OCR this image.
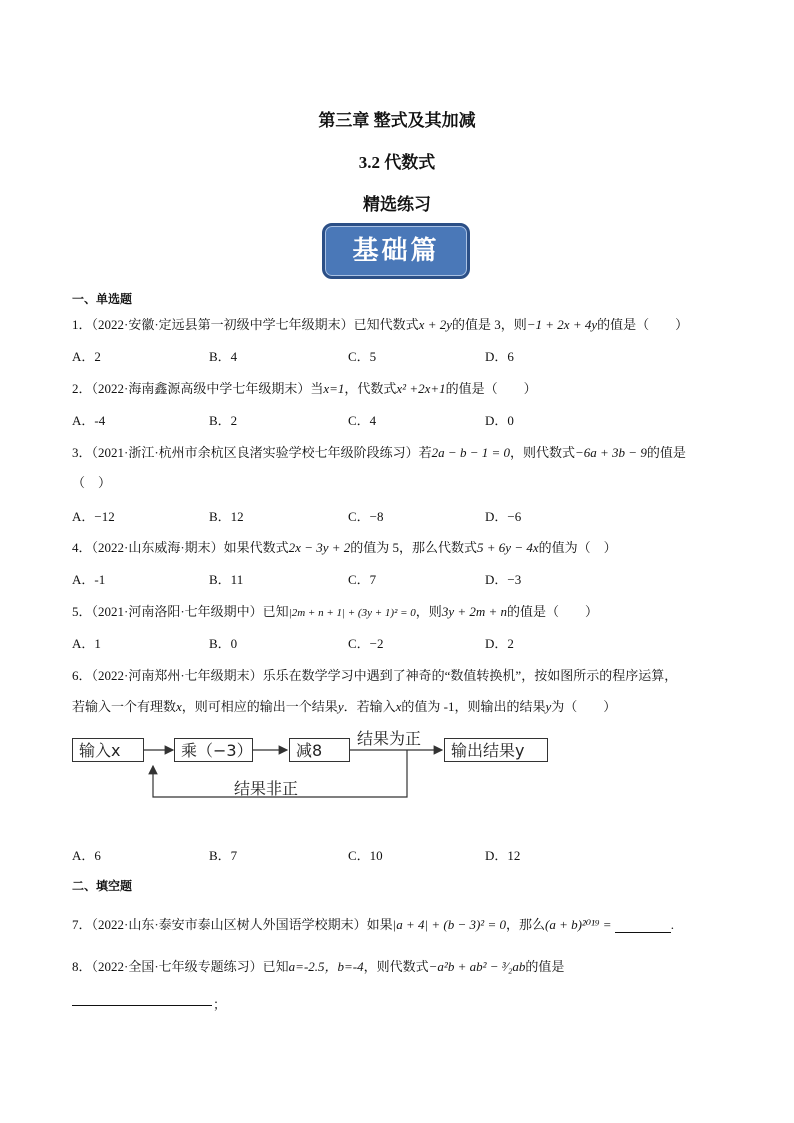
第三章 整式及其加减
3.2 代数式
精选练习
基础篇
一、单选题
1．（2022·安徽·定远县第一初级中学七年级期末）已知代数式x + 2y的值是 3，则−1 + 2x + 4y的值是（　　）
A．2	B．4	C．5	D．6
2．（2022·海南鑫源高级中学七年级期末）当x=1，代数式x² +2x+1的值是（　　）
A．-4	B．2	C．4	D．0
3．（2021·浙江·杭州市余杭区良渚实验学校七年级阶段练习）若2a − b − 1 = 0，则代数式−6a + 3b − 9的值是
（　）
A．−12	B．12	C．−8	D．−6
4．（2022·山东威海·期末）如果代数式2x − 3y + 2的值为 5，那么代数式5 + 6y − 4x的值为（　）
A．-1	B．11	C．7	D．−3
5．（2021·河南洛阳·七年级期中）已知|2m + n + 1| + (3y + 1)² = 0，则3y + 2m + n的值是（　　）
A．1	B．0	C．−2	D．2
6．（2022·河南郑州·七年级期末）乐乐在数学学习中遇到了神奇的“数值转换机”，按如图所示的程序运算，
若输入一个有理数x，则可相应的输出一个结果y．若输入x的值为 -1，则输出的结果y为（　　）
输入x	乘（−3）	减8	输出结果y
结果为正
结果非正
A．6	B．7	C．10	D．12
二、填空题
7．（2022·山东·泰安市泰山区树人外国语学校期末）如果|a + 4| + (b − 3)² = 0，那么(a + b)²⁰¹⁹ =	.
8．（2022·全国·七年级专题练习）已知a=-2.5，b=-4，则代数式−a²b + ab² − ³⁄₂ab的值是
；
